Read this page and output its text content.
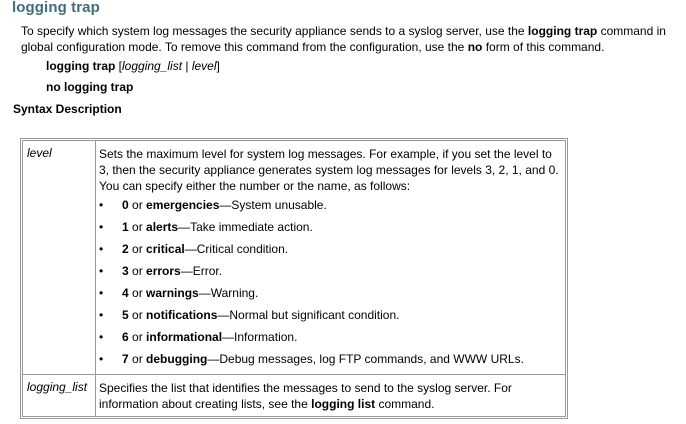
logging trap
To specify which system log messages the security appliance sends to a syslog server, use the logging trap command in global configuration mode. To remove this command from the configuration, use the no form of this command.
logging trap [logging_list | level]
no logging trap
Syntax Description
level	Sets the maximum level for system log messages. For example, if you set the level to 3, then the security appliance generates system log messages for levels 3, 2, 1, and 0. You can specify either the number or the name, as follows:
• 0 or emergencies—System unusable.
• 1 or alerts—Take immediate action.
• 2 or critical—Critical condition.
• 3 or errors—Error.
• 4 or warnings—Warning.
• 5 or notifications—Normal but significant condition.
• 6 or informational—Information.
• 7 or debugging—Debug messages, log FTP commands, and WWW URLs.
logging_list Specifies the list that identifies the messages to send to the syslog server. For information about creating lists, see the logging list command.
